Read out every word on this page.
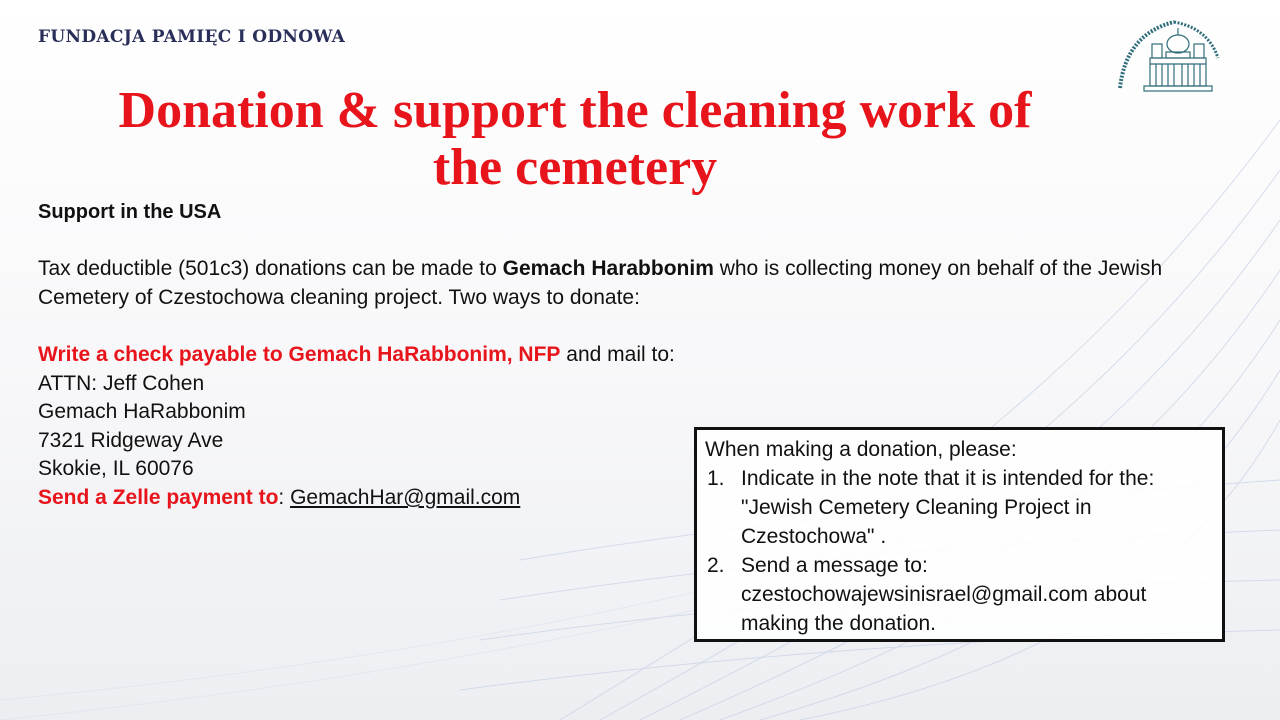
FUNDACJA PAMIĘC I ODNOWA
Donation & support the cleaning work of
the cemetery

Support in the USA

Tax deductible (501c3) donations can be made to Gemach Harabbonim who is collecting money on behalf of the Jewish Cemetery of Czestochowa cleaning project. Two ways to donate:

Write a check payable to Gemach HaRabbonim, NFP and mail to:

ATTN: Jeff Cohen

Gemach HaRabbonim

7321 Ridgeway Ave

Skokie, IL 60076

Send a Zelle payment to: GemachHar@gmail.com

When making a donation, please:
1. Indicate in the note that it is intended for the: "Jewish Cemetery Cleaning Project in Czestochowa" .
2. Send a message to: czestochowajewsinisrael@gmail.com about making the donation.
